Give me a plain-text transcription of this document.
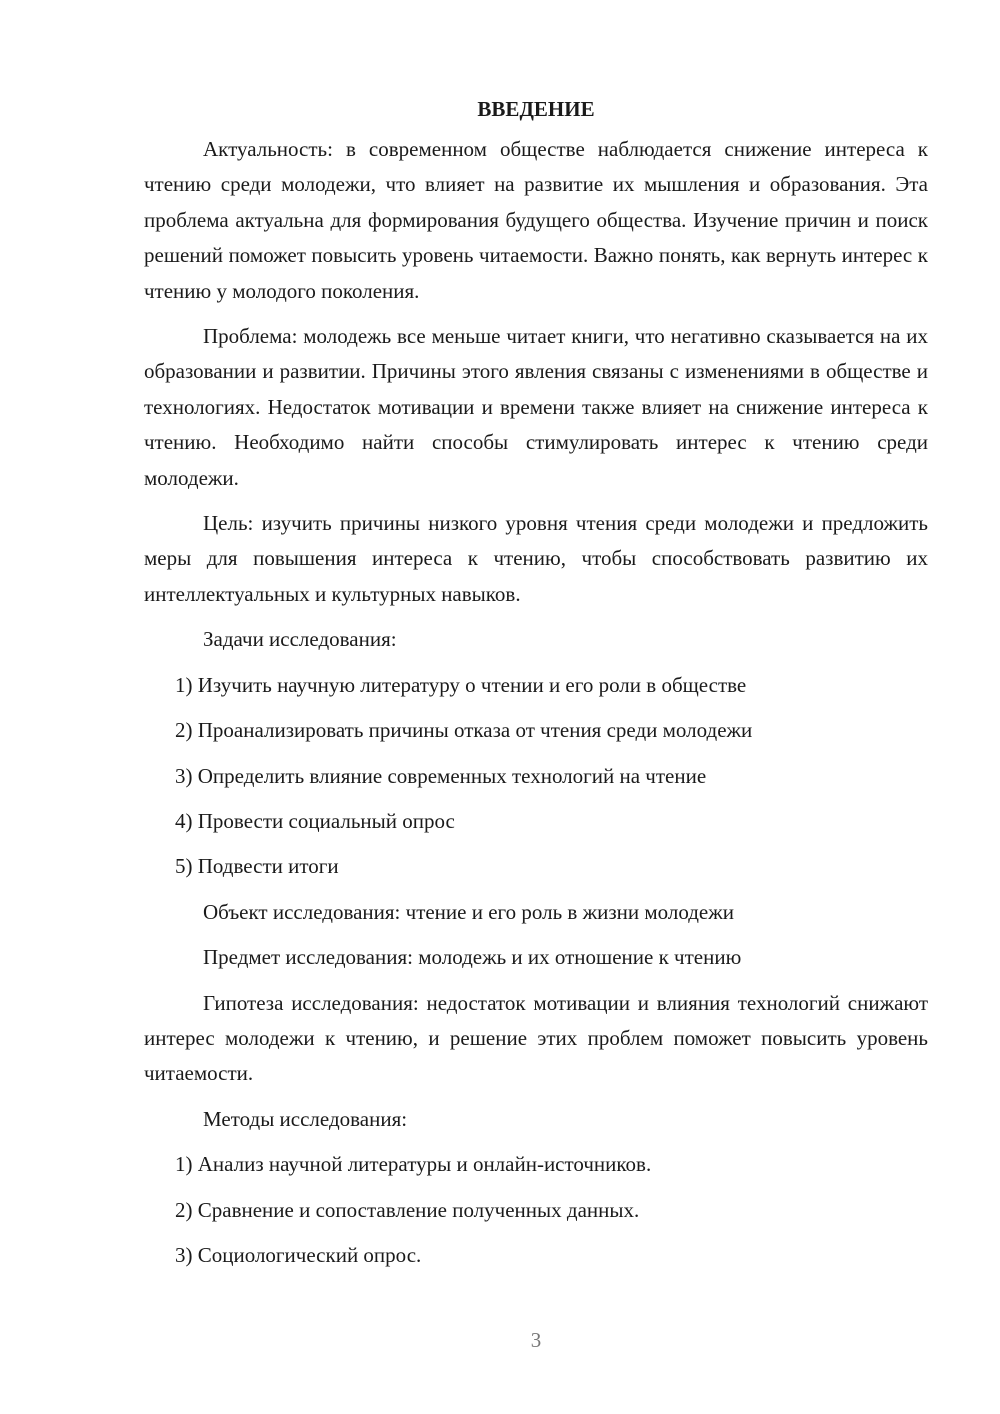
ВВЕДЕНИЕ

Актуальность: в современном обществе наблюдается снижение интереса к чтению среди молодежи, что влияет на развитие их мышления и образования. Эта проблема актуальна для формирования будущего общества. Изучение причин и поиск решений поможет повысить уровень читаемости. Важно понять, как вернуть интерес к чтению у молодого поколения.

Проблема: молодежь все меньше читает книги, что негативно сказывается на их образовании и развитии. Причины этого явления связаны с изменениями в обществе и технологиях. Недостаток мотивации и времени также влияет на снижение интереса к чтению. Необходимо найти способы стимулировать интерес к чтению среди молодежи.

Цель: изучить причины низкого уровня чтения среди молодежи и предложить меры для повышения интереса к чтению, чтобы способствовать развитию их интеллектуальных и культурных навыков.

Задачи исследования:

1) Изучить научную литературу о чтении и его роли в обществе
2) Проанализировать причины отказа от чтения среди молодежи
3) Определить влияние современных технологий на чтение
4) Провести социальный опрос
5) Подвести итоги

Объект исследования: чтение и его роль в жизни молодежи

Предмет исследования: молодежь и их отношение к чтению

Гипотеза исследования: недостаток мотивации и влияния технологий снижают интерес молодежи к чтению, и решение этих проблем поможет повысить уровень читаемости.

Методы исследования:

1) Анализ научной литературы и онлайн-источников.
2) Сравнение и сопоставление полученных данных.
3) Социологический опрос.
3
